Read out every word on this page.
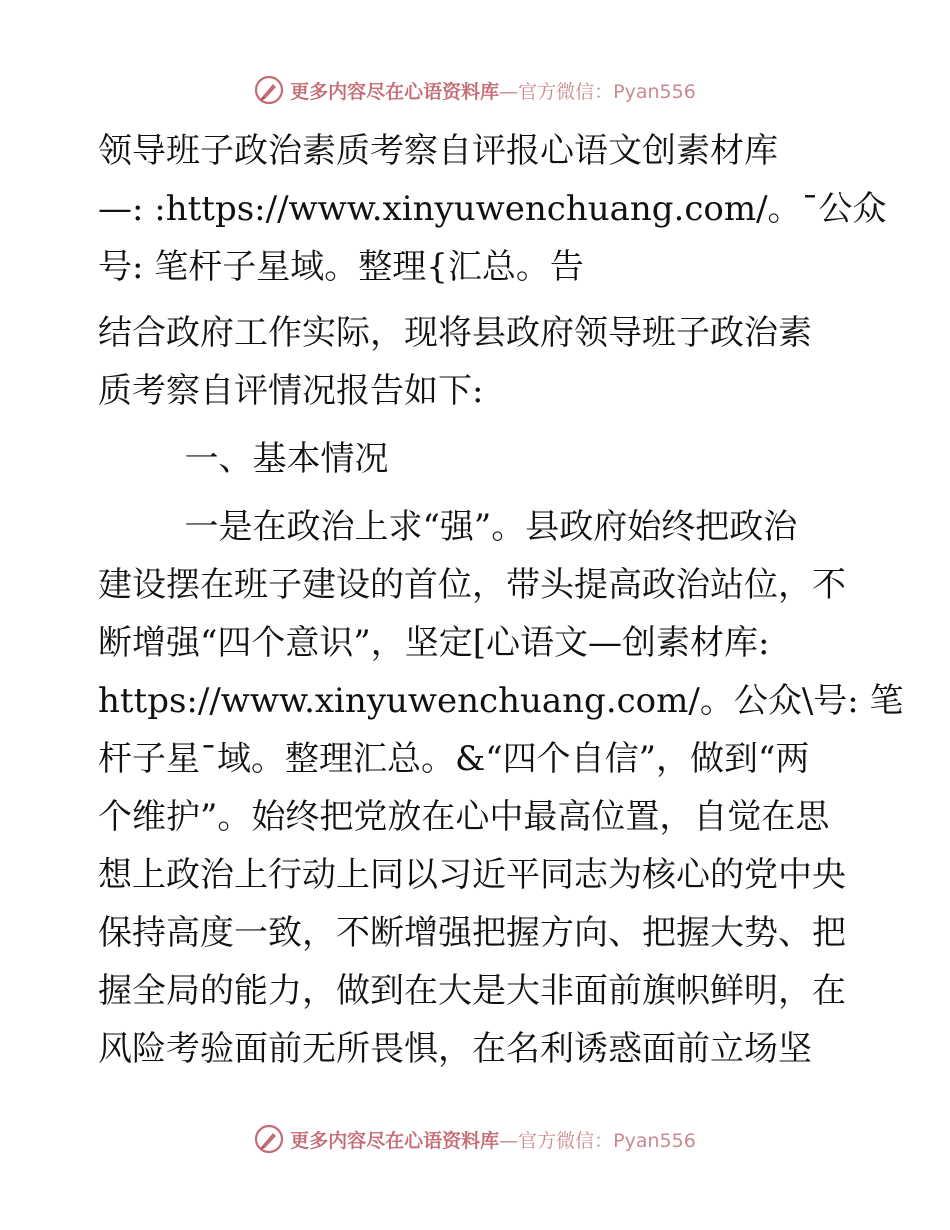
更多内容尽在心语资料库—官方微信：Pyan556
领导班子政治素质考察自评报心语文创素材库
—: :https://www.xinyuwenchuang.com/。¯公众
号: 笔杆子星域。整理{汇总。告
结合政府工作实际，现将县政府领导班子政治素
质考察自评情况报告如下:
一、基本情况
一是在政治上求“强”。县政府始终把政治
建设摆在班子建设的首位，带头提高政治站位，不
断增强“四个意识”，坚定[心语文—创素材库:
https://www.xinyuwenchuang.com/。公众\号: 笔
杆子星¯域。整理汇总。&“四个自信”，做到“两
个维护”。始终把党放在心中最高位置，自觉在思
想上政治上行动上同以习近平同志为核心的党中央
保持高度一致，不断增强把握方向、把握大势、把
握全局的能力，做到在大是大非面前旗帜鲜明，在
风险考验面前无所畏惧，在名利诱惑面前立场坚
更多内容尽在心语资料库—官方微信：Pyan556
